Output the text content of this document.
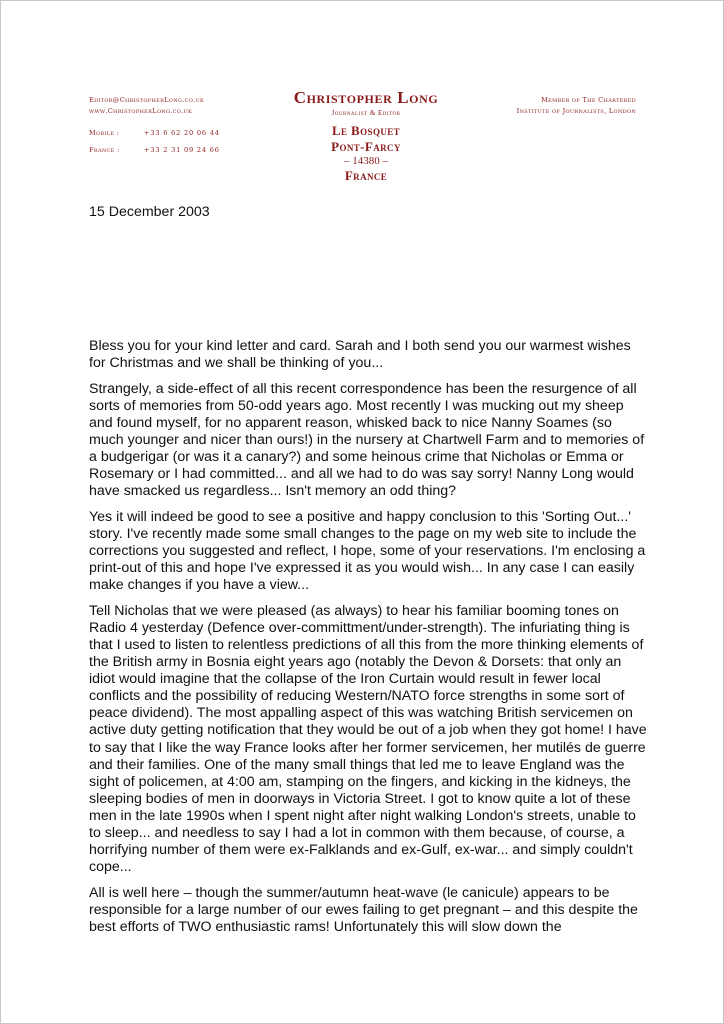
Editor@ChristopherLong.co.uk
www.ChristopherLong.co.uk
Mobile :	+33 6 62 20 06 44
France :	+33 2 31 09 24 66
Christopher Long
Journalist & Editor
Le Bosquet
Pont-Farcy
– 14380 –
France
Member of The Chartered
Institute of Journalists, London
15 December 2003

Bless you for your kind letter and card. Sarah and I both send you our warmest wishes for Christmas and we shall be thinking of you...

Strangely, a side-effect of all this recent correspondence has been the resurgence of all sorts of memories from 50-odd years ago. Most recently I was mucking out my sheep and found myself, for no apparent reason, whisked back to nice Nanny Soames (so much younger and nicer than ours!) in the nursery at Chartwell Farm and to memories of a budgerigar (or was it a canary?) and some heinous crime that Nicholas or Emma or Rosemary or I had committed... and all we had to do was say sorry! Nanny Long would have smacked us regardless... Isn't memory an odd thing?

Yes it will indeed be good to see a positive and happy conclusion to this 'Sorting Out...' story. I've recently made some small changes to the page on my web site to include the corrections you suggested and reflect, I hope, some of your reservations. I'm enclosing a print-out of this and hope I've expressed it as you would wish... In any case I can easily make changes if you have a view...

Tell Nicholas that we were pleased (as always) to hear his familiar booming tones on Radio 4 yesterday (Defence over-committment/under-strength). The infuriating thing is that I used to listen to relentless predictions of all this from the more thinking elements of the British army in Bosnia eight years ago (notably the Devon & Dorsets: that only an idiot would imagine that the collapse of the Iron Curtain would result in fewer local conflicts and the possibility of reducing Western/NATO force strengths in some sort of peace dividend). The most appalling aspect of this was watching British servicemen on active duty getting notification that they would be out of a job when they got home! I have to say that I like the way France looks after her former servicemen, her mutilés de guerre and their families. One of the many small things that led me to leave England was the sight of policemen, at 4:00 am, stamping on the fingers, and kicking in the kidneys, the sleeping bodies of men in doorways in Victoria Street. I got to know quite a lot of these men in the late 1990s when I spent night after night walking London's streets, unable to to sleep... and needless to say I had a lot in common with them because, of course, a horrifying number of them were ex-Falklands and ex-Gulf, ex-war... and simply couldn't cope...

All is well here – though the summer/autumn heat-wave (le canicule) appears to be responsible for a large number of our ewes failing to get pregnant – and this despite the best efforts of TWO enthusiastic rams! Unfortunately this will slow down the
